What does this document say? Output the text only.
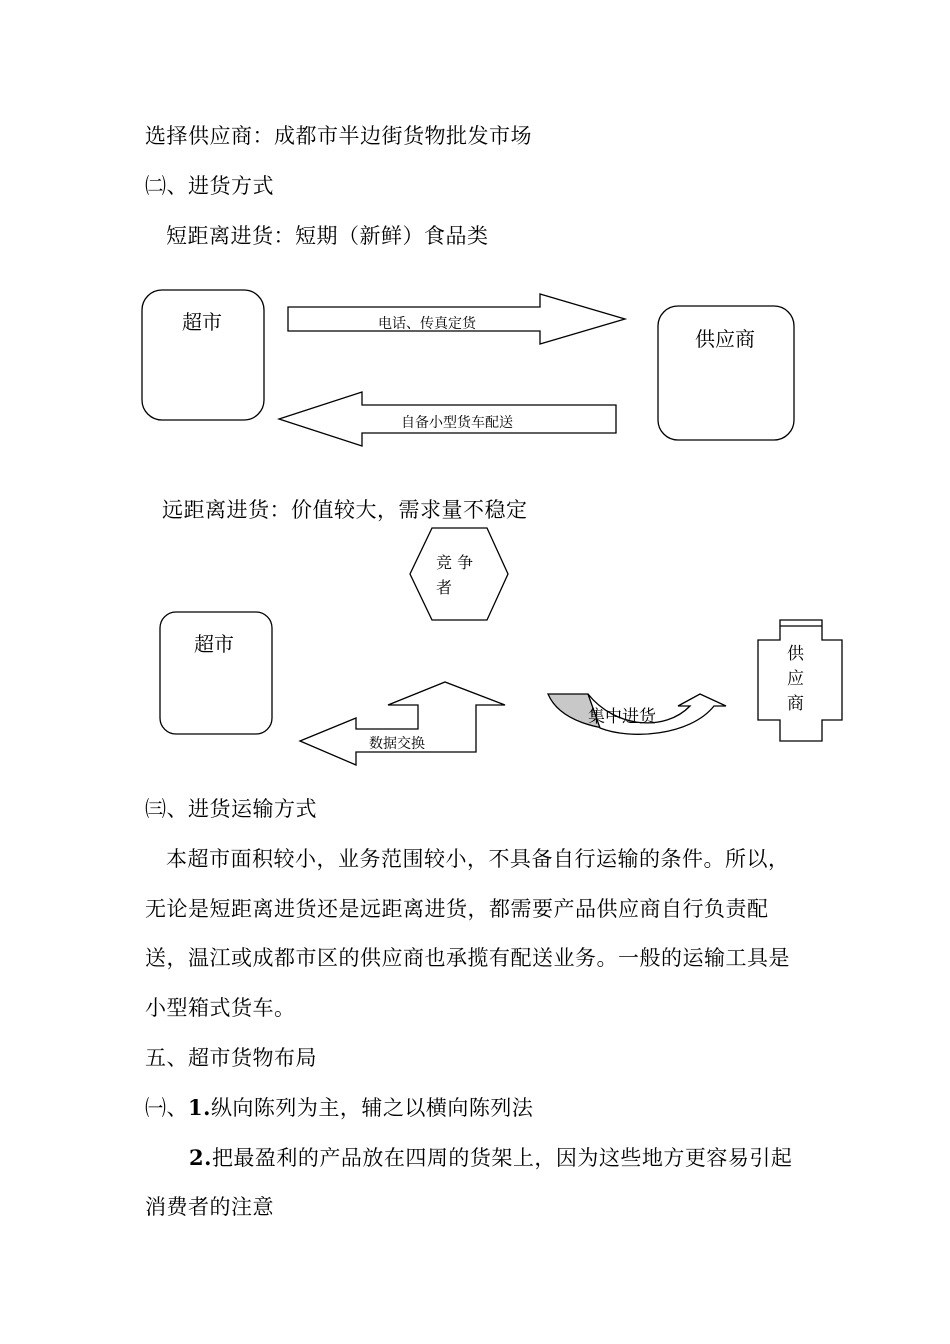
选择供应商：成都市半边街货物批发市场
㈡、进货方式
短距离进货：短期（新鲜）食品类
超市
供应商
电话、传真定货
自备小型货车配送
远距离进货：价值较大，需求量不稳定
竞 争
者
超市	供
应
商
数据交换
集中进货
㈢、进货运输方式
本超市面积较小，业务范围较小，不具备自行运输的条件。所以，
无论是短距离进货还是远距离进货，都需要产品供应商自行负责配
送，温江或成都市区的供应商也承揽有配送业务。一般的运输工具是
小型箱式货车。
五、超市货物布局
㈠、1.纵向陈列为主，辅之以横向陈列法
2.把最盈利的产品放在四周的货架上，因为这些地方更容易引起
消费者的注意
